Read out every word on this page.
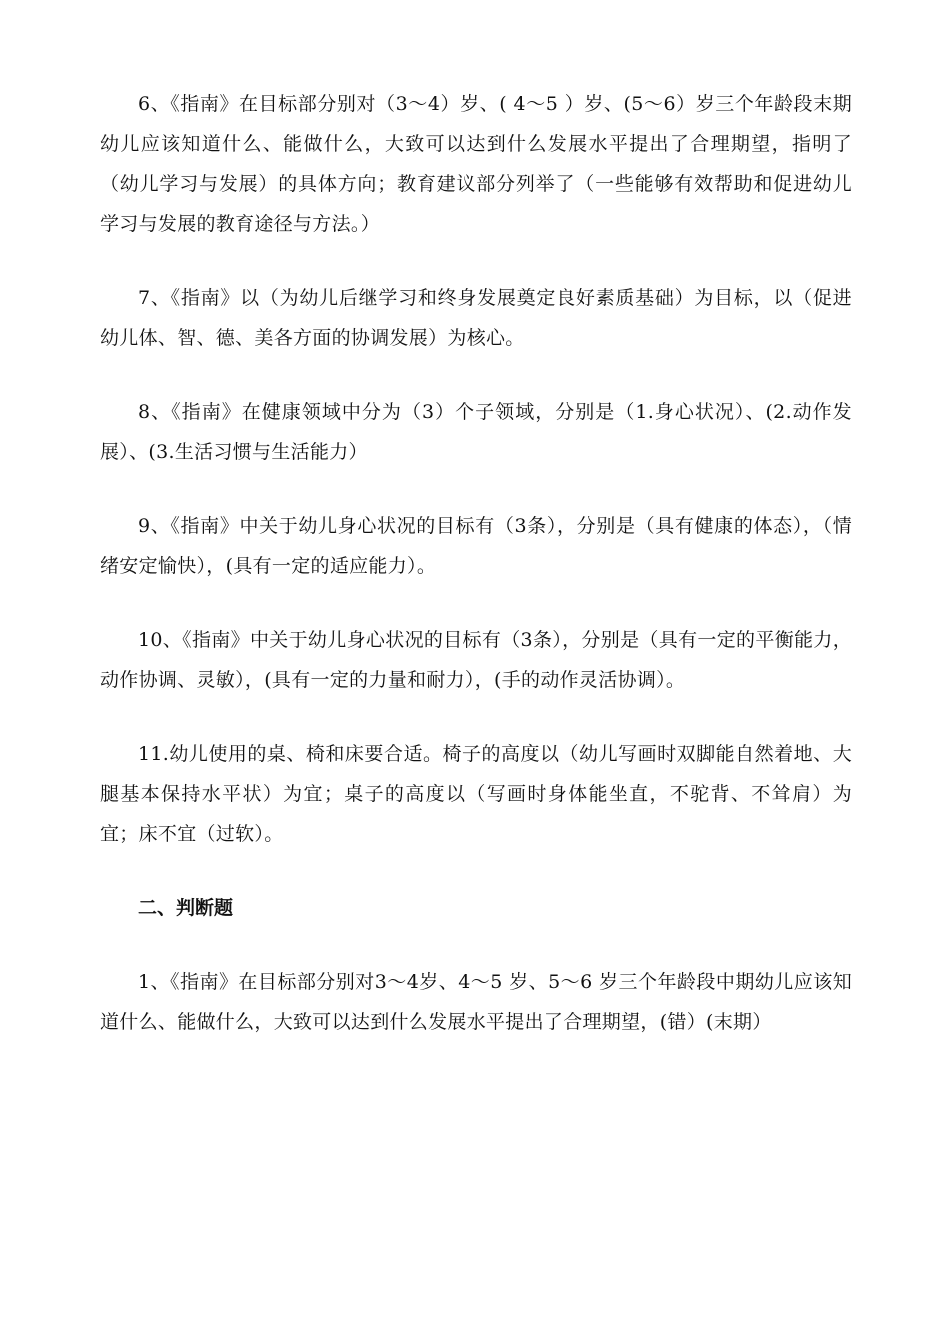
6、《指南》在目标部分别对（3～4）岁、( 4～5 ）岁、(5～6）岁三个年龄段末期幼儿应该知道什么、能做什么，大致可以达到什么发展水平提出了合理期望，指明了（幼儿学习与发展）的具体方向；教育建议部分列举了（一些能够有效帮助和促进幼儿学习与发展的教育途径与方法。）

7、《指南》以（为幼儿后继学习和终身发展奠定良好素质基础）为目标，以（促进幼儿体、智、德、美各方面的协调发展）为核心。

8、《指南》在健康领域中分为（3）个子领域，分别是（1.身心状况）、(2.动作发展）、(3.生活习惯与生活能力）

9、《指南》中关于幼儿身心状况的目标有（3条），分别是（具有健康的体态），（情绪安定愉快），(具有一定的适应能力）。

10、《指南》中关于幼儿身心状况的目标有（3条），分别是（具有一定的平衡能力，动作协调、灵敏），(具有一定的力量和耐力），(手的动作灵活协调）。

11.幼儿使用的桌、椅和床要合适。椅子的高度以（幼儿写画时双脚能自然着地、大腿基本保持水平状）为宜；桌子的高度以（写画时身体能坐直，不驼背、不耸肩）为宜；床不宜（过软）。

二、判断题

1、《指南》在目标部分别对3～4岁、4～5 岁、5～6 岁三个年龄段中期幼儿应该知道什么、能做什么，大致可以达到什么发展水平提出了合理期望，(错）(末期）
